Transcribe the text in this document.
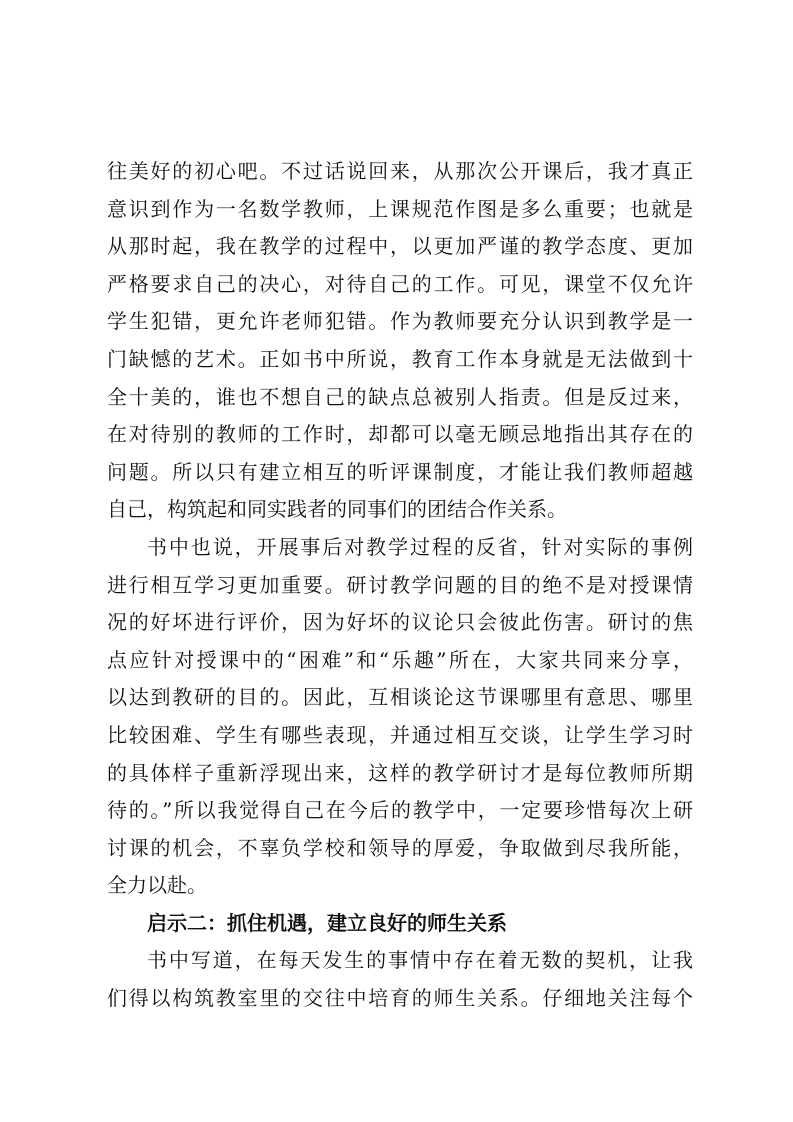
往美好的初心吧。不过话说回来，从那次公开课后，我才真正
意识到作为一名数学教师，上课规范作图是多么重要；也就是
从那时起，我在教学的过程中，以更加严谨的教学态度、更加
严格要求自己的决心，对待自己的工作。可见，课堂不仅允许
学生犯错，更允许老师犯错。作为教师要充分认识到教学是一
门缺憾的艺术。正如书中所说，教育工作本身就是无法做到十
全十美的，谁也不想自己的缺点总被别人指责。但是反过来，
在对待别的教师的工作时，却都可以毫无顾忌地指出其存在的
问题。所以只有建立相互的听评课制度，才能让我们教师超越
自己，构筑起和同实践者的同事们的团结合作关系。
书中也说，开展事后对教学过程的反省，针对实际的事例
进行相互学习更加重要。研讨教学问题的目的绝不是对授课情
况的好坏进行评价，因为好坏的议论只会彼此伤害。研讨的焦
点应针对授课中的“困难”和“乐趣”所在，大家共同来分享，
以达到教研的目的。因此，互相谈论这节课哪里有意思、哪里
比较困难、学生有哪些表现，并通过相互交谈，让学生学习时
的具体样子重新浮现出来，这样的教学研讨才是每位教师所期
待的。”所以我觉得自己在今后的教学中，一定要珍惜每次上研
讨课的机会，不辜负学校和领导的厚爱，争取做到尽我所能，
全力以赴。
启示二：抓住机遇，建立良好的师生关系
书中写道，在每天发生的事情中存在着无数的契机，让我
们得以构筑教室里的交往中培育的师生关系。仔细地关注每个
